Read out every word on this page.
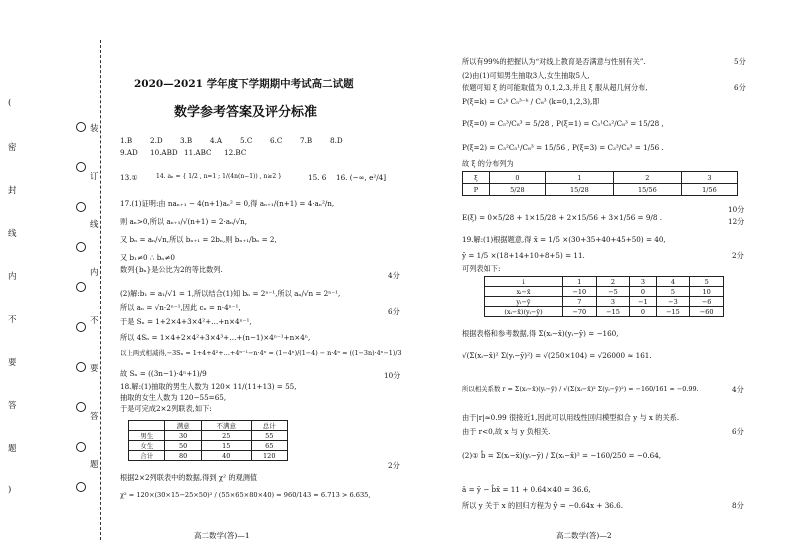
(
密
封
线
内
不
要
答
题
)
装
订
线
内
不
要
答
题
2020—2021 学年度下学期期中考试高二试题
数学参考答案及评分标准
1.B 2.D 3.B 4.A 5.C 6.C 7.B 8.D
9.AD 10.ABD 11.ABC 12.BC
13.①	14. aₙ = { 1/2 , n=1 ; 1/(4n(n−1)) , n≥2 }	15. 6 16. (−∞, e²/4]
17.(1)证明:由 naₙ₊₁ − 4(n+1)aₙ² = 0,得 aₙ₊₁/(n+1) = 4·aₙ²/n,
则 aₙ>0,所以 aₙ₊₁/√(n+1) = 2·aₙ/√n,
又 bₙ = aₙ/√n,所以 bₙ₊₁ = 2bₙ,则 bₙ₊₁/bₙ = 2,
又 b₁≠0 ∴ bₙ≠0
数列{bₙ}是公比为2的等比数列.
4分
(2)解:b₁ = a₁/√1 = 1,所以结合(1)知 bₙ = 2ⁿ⁻¹,所以 aₙ/√n = 2ⁿ⁻¹,
所以 aₙ = √n·2ⁿ⁻¹,因此 cₙ = n·4ⁿ⁻¹,	6分
于是 Sₙ = 1+2×4+3×4²+…+n×4ⁿ⁻¹,
所以 4Sₙ = 1×4+2×4²+3×4³+…+(n−1)×4ⁿ⁻¹+n×4ⁿ,
以上两式相减得,−3Sₙ = 1+4+4²+…+4ⁿ⁻¹−n·4ⁿ = (1−4ⁿ)/(1−4) − n·4ⁿ = ((1−3n)·4ⁿ−1)/3
故 Sₙ = ((3n−1)·4ⁿ+1)/9	10分
18.解:(1)抽取的男生人数为 120× 11/(11+13) = 55,
抽取的女生人数为 120−55=65,
于是可完成2×2列联表,如下:
	满意	不满意	总计
男生	30	25	55
女生	50	15	65
合计	80	40	120
2分
根据2×2列联表中的数据,得到 χ² 的观测值
χ² = 120×(30×15−25×50)² / (55×65×80×40) = 960/143 ≈ 6.713 > 6.635,
高二数学(答)—1
所以有99%的把握认为“对线上教育是否满意与性别有关”.
(2)由(1)可知男生抽取3人,女生抽取5人,
依题可知 ξ 的可能取值为 0,1,2,3,并且 ξ 服从超几何分布,
P(ξ=k) = C₃ᵏ C₅³⁻ᵏ / C₈³ (k=0,1,2,3),即
P(ξ=0) = C₅³/C₈³ = 5/28 , P(ξ=1) = C₃¹C₅²/C₈³ = 15/28 ,
P(ξ=2) = C₃²C₅¹/C₈³ = 15/56 , P(ξ=3) = C₃³/C₈³ = 1/56 .
故 ξ 的分布列为
5分
6分
ξ	0	1	2	3
P	5/28	15/28	15/56	1/56
10分
E(ξ) = 0×5/28 + 1×15/28 + 2×15/56 + 3×1/56 = 9/8 .	12分
19.解:(1)根据题意,得 x̄ = 1/5 ×(30+35+40+45+50) = 40,
ȳ = 1/5 ×(18+14+10+8+5) = 11.	2分
可列表如下:
i	1	2	3	4	5
xᵢ−x̄	−10	−5	0	5	10
yᵢ−ȳ	7	3	−1	−3	−6
(xᵢ−x̄)(yᵢ−ȳ)	−70	−15	0	−15	−60
根据表格和参考数据,得 Σ(xᵢ−x̄)(yᵢ−ȳ) = −160,
√(Σ(xᵢ−x̄)² Σ(yᵢ−ȳ)²) = √(250×104) = √26000 ≈ 161.
所以相关系数 r = Σ(xᵢ−x̄)(yᵢ−ȳ) / √(Σ(xᵢ−x̄)² Σ(yᵢ−ȳ)²) = −160/161 ≈ −0.99.	4分
由于|r|≈0.99 很接近1,因此可以用线性回归模型拟合 y 与 x 的关系.
由于 r<0,故 x 与 y 负相关.	6分
(2)① b̂ = Σ(xᵢ−x̄)(yᵢ−ȳ) / Σ(xᵢ−x̄)² = −160/250 = −0.64,
â = ȳ − b̂x̄ = 11 + 0.64×40 = 36.6,
所以 y 关于 x 的回归方程为 ŷ = −0.64x + 36.6.	8分
高二数学(答)—2
